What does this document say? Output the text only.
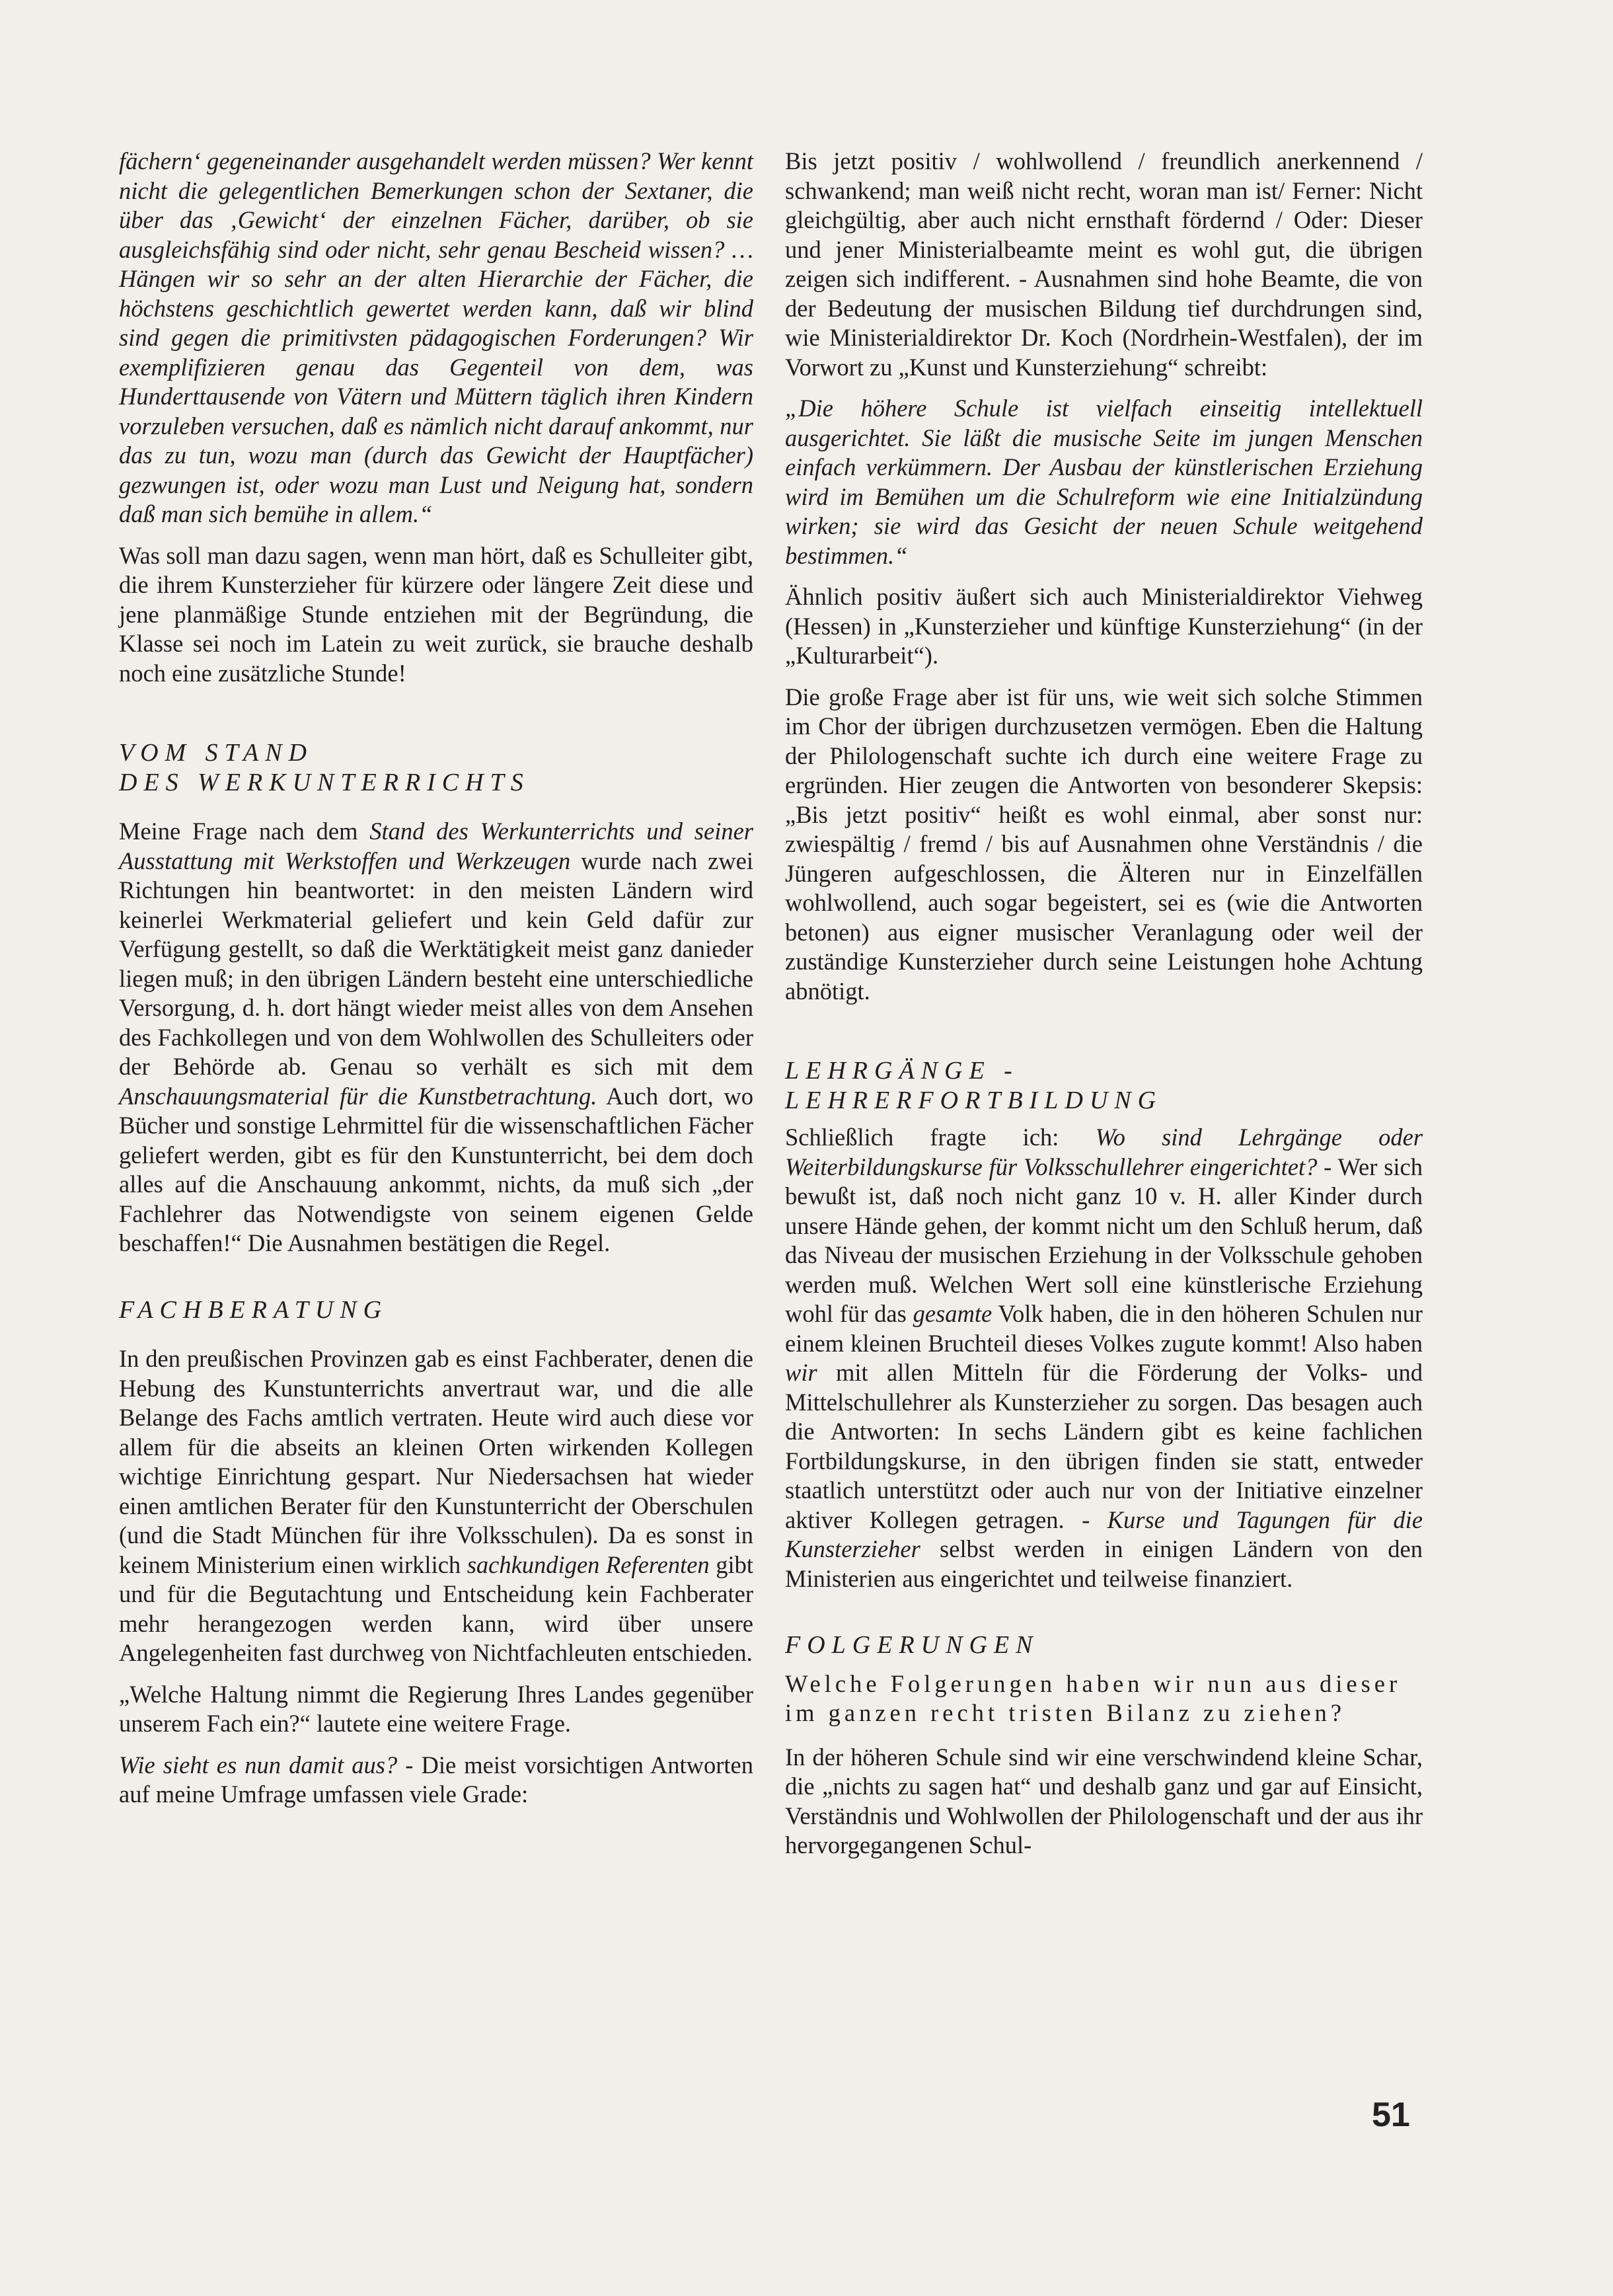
fächern‘ gegeneinander ausgehandelt werden müssen? Wer kennt nicht die gelegentlichen Bemerkungen schon der Sextaner, die über das ‚Gewicht‘ der einzelnen Fächer, darüber, ob sie ausgleichsfähig sind oder nicht, sehr genau Bescheid wissen? … Hängen wir so sehr an der alten Hierarchie der Fächer, die höchstens geschichtlich gewertet werden kann, daß wir blind sind gegen die primitivsten pädagogischen Forderungen? Wir exemplifizieren genau das Gegenteil von dem, was Hunderttausende von Vätern und Müttern täglich ihren Kindern vorzuleben versuchen, daß es nämlich nicht darauf ankommt, nur das zu tun, wozu man (durch das Gewicht der Hauptfächer) gezwungen ist, oder wozu man Lust und Neigung hat, sondern daß man sich bemühe in allem.“

Was soll man dazu sagen, wenn man hört, daß es Schulleiter gibt, die ihrem Kunsterzieher für kürzere oder längere Zeit diese und jene planmäßige Stunde entziehen mit der Begründung, die Klasse sei noch im Latein zu weit zurück, sie brauche deshalb noch eine zusätzliche Stunde!

VOM STAND
DES WERKUNTERRICHTS

Meine Frage nach dem Stand des Werkunterrichts und seiner Ausstattung mit Werkstoffen und Werkzeugen wurde nach zwei Richtungen hin beantwortet: in den meisten Ländern wird keinerlei Werkmaterial geliefert und kein Geld dafür zur Verfügung gestellt, so daß die Werktätigkeit meist ganz danieder liegen muß; in den übrigen Ländern besteht eine unterschiedliche Versorgung, d. h. dort hängt wieder meist alles von dem Ansehen des Fachkollegen und von dem Wohlwollen des Schulleiters oder der Behörde ab. Genau so verhält es sich mit dem Anschauungsmaterial für die Kunstbetrachtung. Auch dort, wo Bücher und sonstige Lehrmittel für die wissenschaftlichen Fächer geliefert werden, gibt es für den Kunstunterricht, bei dem doch alles auf die Anschauung ankommt, nichts, da muß sich „der Fachlehrer das Notwendigste von seinem eigenen Gelde beschaffen!“ Die Ausnahmen bestätigen die Regel.

FACHBERATUNG

In den preußischen Provinzen gab es einst Fachberater, denen die Hebung des Kunstunterrichts anvertraut war, und die alle Belange des Fachs amtlich vertraten. Heute wird auch diese vor allem für die abseits an kleinen Orten wirkenden Kollegen wichtige Einrichtung gespart. Nur Niedersachsen hat wieder einen amtlichen Berater für den Kunstunterricht der Oberschulen (und die Stadt München für ihre Volksschulen). Da es sonst in keinem Ministerium einen wirklich sachkundigen Referenten gibt und für die Begutachtung und Entscheidung kein Fachberater mehr herangezogen werden kann, wird über unsere Angelegenheiten fast durchweg von Nichtfachleuten entschieden.

„Welche Haltung nimmt die Regierung Ihres Landes gegenüber unserem Fach ein?“ lautete eine weitere Frage.

Wie sieht es nun damit aus? - Die meist vorsichtigen Antworten auf meine Umfrage umfassen viele Grade:

Bis jetzt positiv / wohlwollend / freundlich anerkennend / schwankend; man weiß nicht recht, woran man ist/ Ferner: Nicht gleichgültig, aber auch nicht ernsthaft fördernd / Oder: Dieser und jener Ministerialbeamte meint es wohl gut, die übrigen zeigen sich indifferent. - Ausnahmen sind hohe Beamte, die von der Bedeutung der musischen Bildung tief durchdrungen sind, wie Ministerialdirektor Dr. Koch (Nordrhein-Westfalen), der im Vorwort zu „Kunst und Kunsterziehung“ schreibt:

„Die höhere Schule ist vielfach einseitig intellektuell ausgerichtet. Sie läßt die musische Seite im jungen Menschen einfach verkümmern. Der Ausbau der künstlerischen Erziehung wird im Bemühen um die Schulreform wie eine Initialzündung wirken; sie wird das Gesicht der neuen Schule weitgehend bestimmen.“

Ähnlich positiv äußert sich auch Ministerialdirektor Viehweg (Hessen) in „Kunsterzieher und künftige Kunsterziehung“ (in der „Kulturarbeit“).

Die große Frage aber ist für uns, wie weit sich solche Stimmen im Chor der übrigen durchzusetzen vermögen. Eben die Haltung der Philologenschaft suchte ich durch eine weitere Frage zu ergründen. Hier zeugen die Antworten von besonderer Skepsis: „Bis jetzt positiv“ heißt es wohl einmal, aber sonst nur: zwiespältig / fremd / bis auf Ausnahmen ohne Verständnis / die Jüngeren aufgeschlossen, die Älteren nur in Einzelfällen wohlwollend, auch sogar begeistert, sei es (wie die Antworten betonen) aus eigner musischer Veranlagung oder weil der zuständige Kunsterzieher durch seine Leistungen hohe Achtung abnötigt.

LEHRGÄNGE -
LEHRERFORTBILDUNG

Schließlich fragte ich: Wo sind Lehrgänge oder Weiterbildungskurse für Volksschullehrer eingerichtet? - Wer sich bewußt ist, daß noch nicht ganz 10 v. H. aller Kinder durch unsere Hände gehen, der kommt nicht um den Schluß herum, daß das Niveau der musischen Erziehung in der Volksschule gehoben werden muß. Welchen Wert soll eine künstlerische Erziehung wohl für das gesamte Volk haben, die in den höheren Schulen nur einem kleinen Bruchteil dieses Volkes zugute kommt! Also haben wir mit allen Mitteln für die Förderung der Volks- und Mittelschullehrer als Kunsterzieher zu sorgen. Das besagen auch die Antworten: In sechs Ländern gibt es keine fachlichen Fortbildungskurse, in den übrigen finden sie statt, entweder staatlich unterstützt oder auch nur von der Initiative einzelner aktiver Kollegen getragen. - Kurse und Tagungen für die Kunsterzieher selbst werden in einigen Ländern von den Ministerien aus eingerichtet und teilweise finanziert.

FOLGERUNGEN

Welche Folgerungen haben wir nun aus dieser im ganzen recht tristen Bilanz zu ziehen?

In der höheren Schule sind wir eine verschwindend kleine Schar, die „nichts zu sagen hat“ und deshalb ganz und gar auf Einsicht, Verständnis und Wohlwollen der Philologenschaft und der aus ihr hervorgegangenen Schul-

51
